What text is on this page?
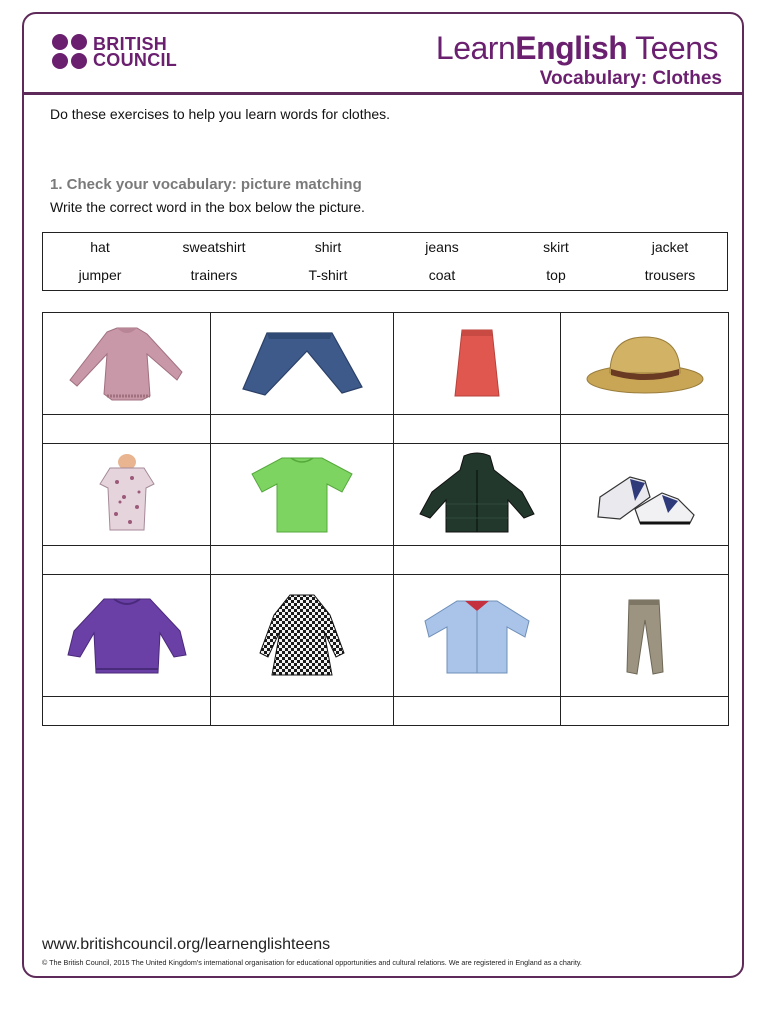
BRITISH
COUNCIL	LearnEnglish Teens
Vocabulary: Clothes
Do these exercises to help you learn words for clothes.
1. Check your vocabulary: picture matching
Write the correct word in the box below the picture.
hat	sweatshirt	shirt	jeans	skirt	jacket
jumper	trainers	T-shirt	coat	top	trousers

www.britishcouncil.org/learnenglishteens
© The British Council, 2015 The United Kingdom's international organisation for educational opportunities and cultural relations. We are registered in England as a charity.
